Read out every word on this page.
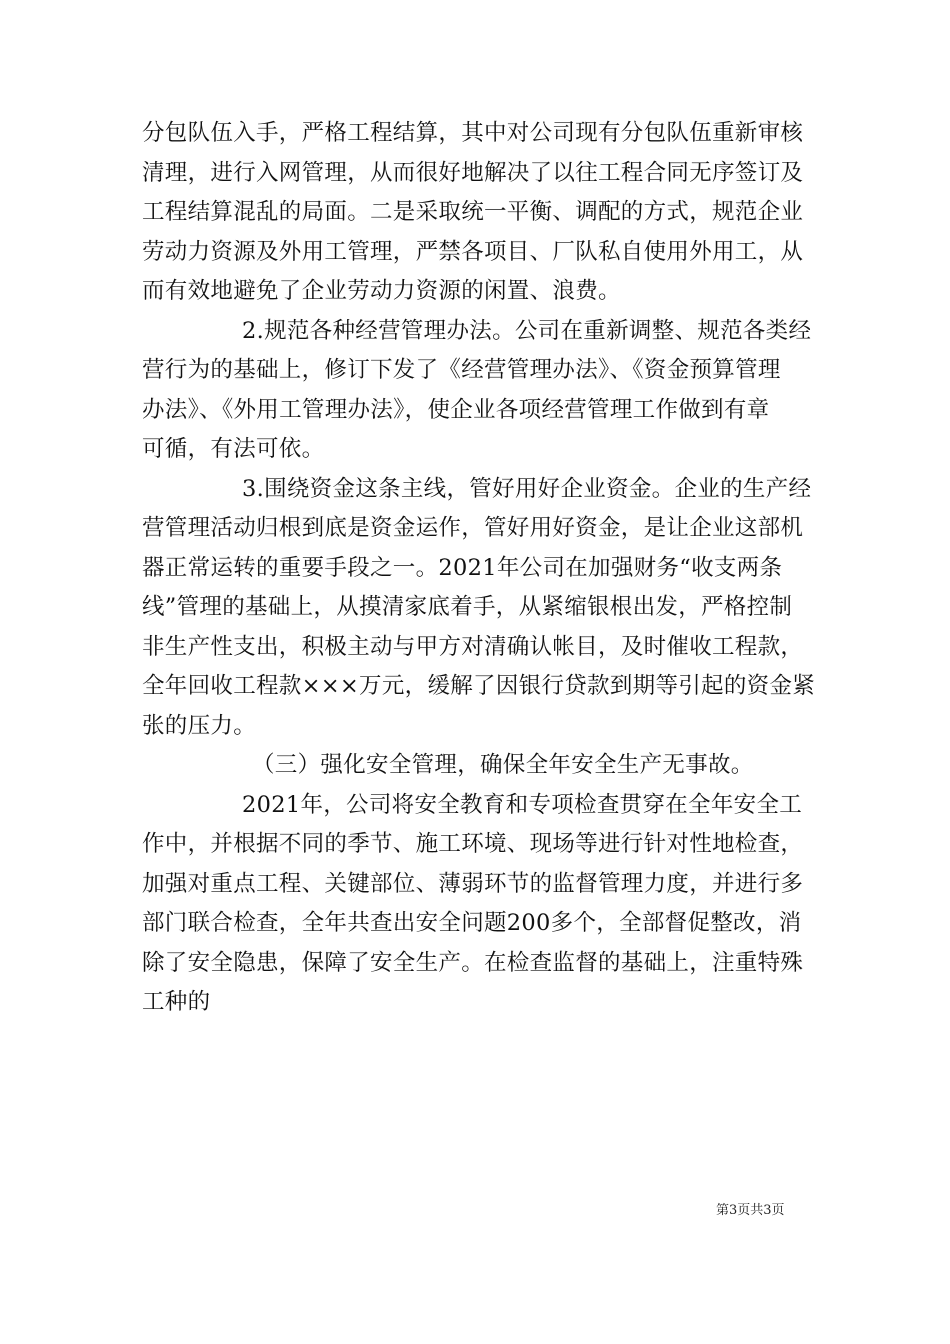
分包队伍入手，严格工程结算，其中对公司现有分包队伍重新审核
清理，进行入网管理，从而很好地解决了以往工程合同无序签订及
工程结算混乱的局面。二是采取统一平衡、调配的方式，规范企业
劳动力资源及外用工管理，严禁各项目、厂队私自使用外用工，从
而有效地避免了企业劳动力资源的闲置、浪费。
2.规范各种经营管理办法。公司在重新调整、规范各类经
营行为的基础上，修订下发了《经营管理办法》、《资金预算管理
办法》、《外用工管理办法》，使企业各项经营管理工作做到有章
可循，有法可依。
3.围绕资金这条主线，管好用好企业资金。企业的生产经
营管理活动归根到底是资金运作，管好用好资金，是让企业这部机
器正常运转的重要手段之一。2021年公司在加强财务“收支两条
线”管理的基础上，从摸清家底着手，从紧缩银根出发，严格控制
非生产性支出，积极主动与甲方对清确认帐目，及时催收工程款，
全年回收工程款×××万元，缓解了因银行贷款到期等引起的资金紧
张的压力。
（三）强化安全管理，确保全年安全生产无事故。
2021年，公司将安全教育和专项检查贯穿在全年安全工
作中，并根据不同的季节、施工环境、现场等进行针对性地检查，
加强对重点工程、关键部位、薄弱环节的监督管理力度，并进行多
部门联合检查，全年共查出安全问题200多个，全部督促整改，消
除了安全隐患，保障了安全生产。在检查监督的基础上，注重特殊
工种的
第3页共3页
